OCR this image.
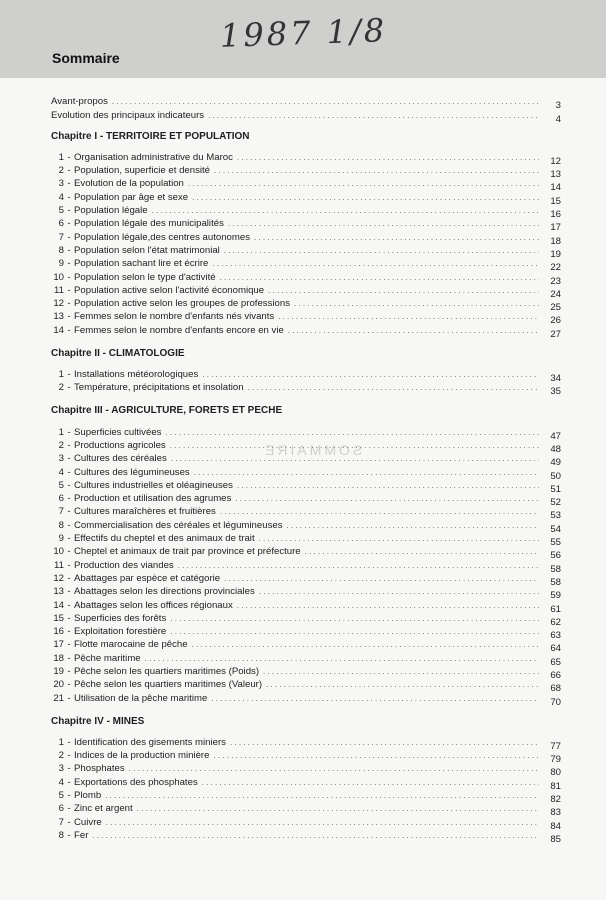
1987 1/8
Sommaire
SOMMAIRE
Avant-propos .....	3
Evolution des principaux indicateurs .....	4
Chapitre I - TERRITOIRE ET POPULATION
1 - Organisation administrative du Maroc .....	12
2 - Population, superficie et densité .....	13
3 - Evolution de la population .....	14
4 - Population par âge et sexe .....	15
5 - Population légale .....	16
6 - Population légale des municipalités .....	17
7 - Population légale,des centres autonomes .....	18
8 - Population selon l'état matrimonial .....	19
9 - Population sachant lire et écrire .....	22
10 - Population selon le type d'activité .....	23
11 - Population active selon l'activité économique .....	24
12 - Population active selon les groupes de professions .....	25
13 - Femmes selon le nombre d'enfants nés vivants .....	26
14 - Femmes selon le nombre d'enfants encore en vie .....	27
Chapitre II - CLIMATOLOGIE
1 - Installations météorologiques .....	34
2 - Température, précipitations et insolation .....	35
Chapitre III - AGRICULTURE, FORETS ET PECHE
1 - Superficies cultivées .....	47
2 - Productions agricoles .....	48
3 - Cultures des céréales .....	49
4 - Cultures des légumineuses .....	50
5 - Cultures industrielles et oléagineuses .....	51
6 - Production et utilisation des agrumes .....	52
7 - Cultures maraîchères et fruitières .....	53
8 - Commercialisation des céréales et légumineuses .....	54
9 - Effectifs du cheptel et des animaux de trait .....	55
10 - Cheptel et animaux de trait par province et préfecture .....	56
11 - Production des viandes .....	58
12 - Abattages par espèce et catégorie .....	58
13 - Abattages selon les directions provinciales .....	59
14 - Abattages selon les offices régionaux .....	61
15 - Superficies des forêts .....	62
16 - Exploitation forestière .....	63
17 - Flotte marocaine de pêche .....	64
18 - Pêche maritime .....	65
19 - Pêche selon les quartiers maritimes (Poids) .....	66
20 - Pêche selon les quartiers maritimes (Valeur) .....	68
21 - Utilisation de la pêche maritime .....	70
Chapitre IV - MINES
1 - Identification des gisements miniers .....	77
2 - Indices de la production minière .....	79
3 - Phosphates .....	80
4 - Exportations des phosphates .....	81
5 - Plomb .....	82
6 - Zinc et argent .....	83
7 - Cuivre .....	84
8 - Fer .....	85
